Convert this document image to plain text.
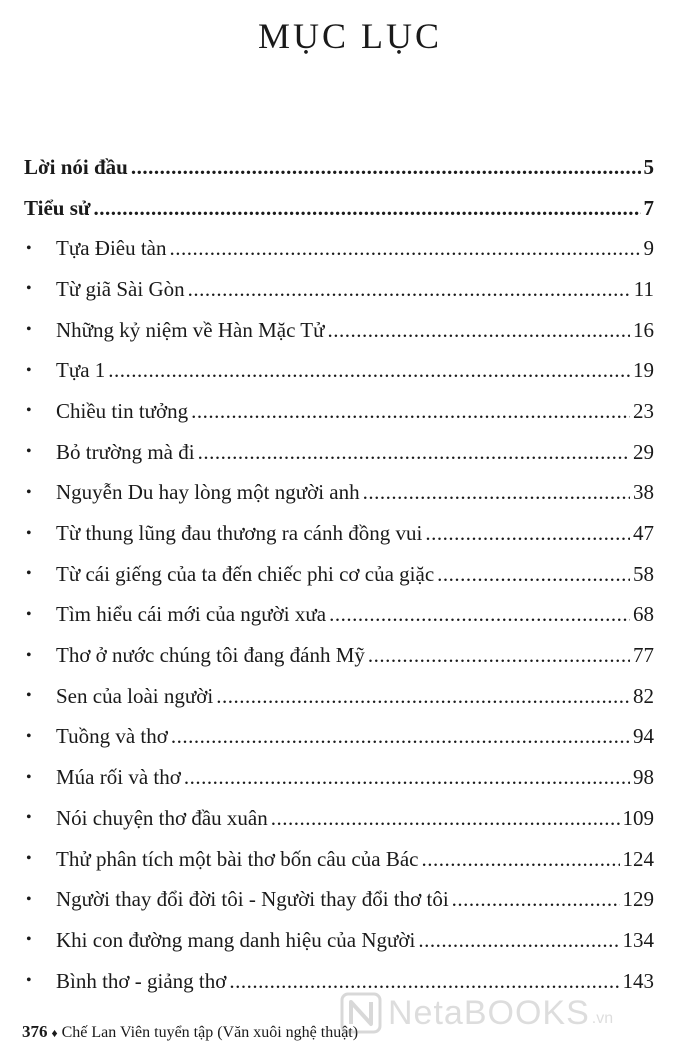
MỤC LỤC
Lời nói đầu .....	5
Tiểu sử .....	7
• Tựa Điêu tàn .....	9
• Từ giã Sài Gòn .....	11
• Những kỷ niệm về Hàn Mặc Tử .....	16
• Tựa 1 .....	19
• Chiều tin tưởng .....	23
• Bỏ trường mà đi .....	29
• Nguyễn Du hay lòng một người anh .....	38
• Từ thung lũng đau thương ra cánh đồng vui .....	47
• Từ cái giếng của ta đến chiếc phi cơ của giặc .....	58
• Tìm hiểu cái mới của người xưa .....	68
• Thơ ở nước chúng tôi đang đánh Mỹ .....	77
• Sen của loài người .....	82
• Tuồng và thơ .....	94
• Múa rối và thơ .....	98
• Nói chuyện thơ đầu xuân .....	109
• Thử phân tích một bài thơ bốn câu của Bác .....	124
• Người thay đổi đời tôi - Người thay đổi thơ tôi .....	129
• Khi con đường mang danh hiệu của Người .....	134
• Bình thơ - giảng thơ .....	143
376 ♦ Chế Lan Viên tuyển tập (Văn xuôi nghệ thuật)
NetaBOOKS .vn
